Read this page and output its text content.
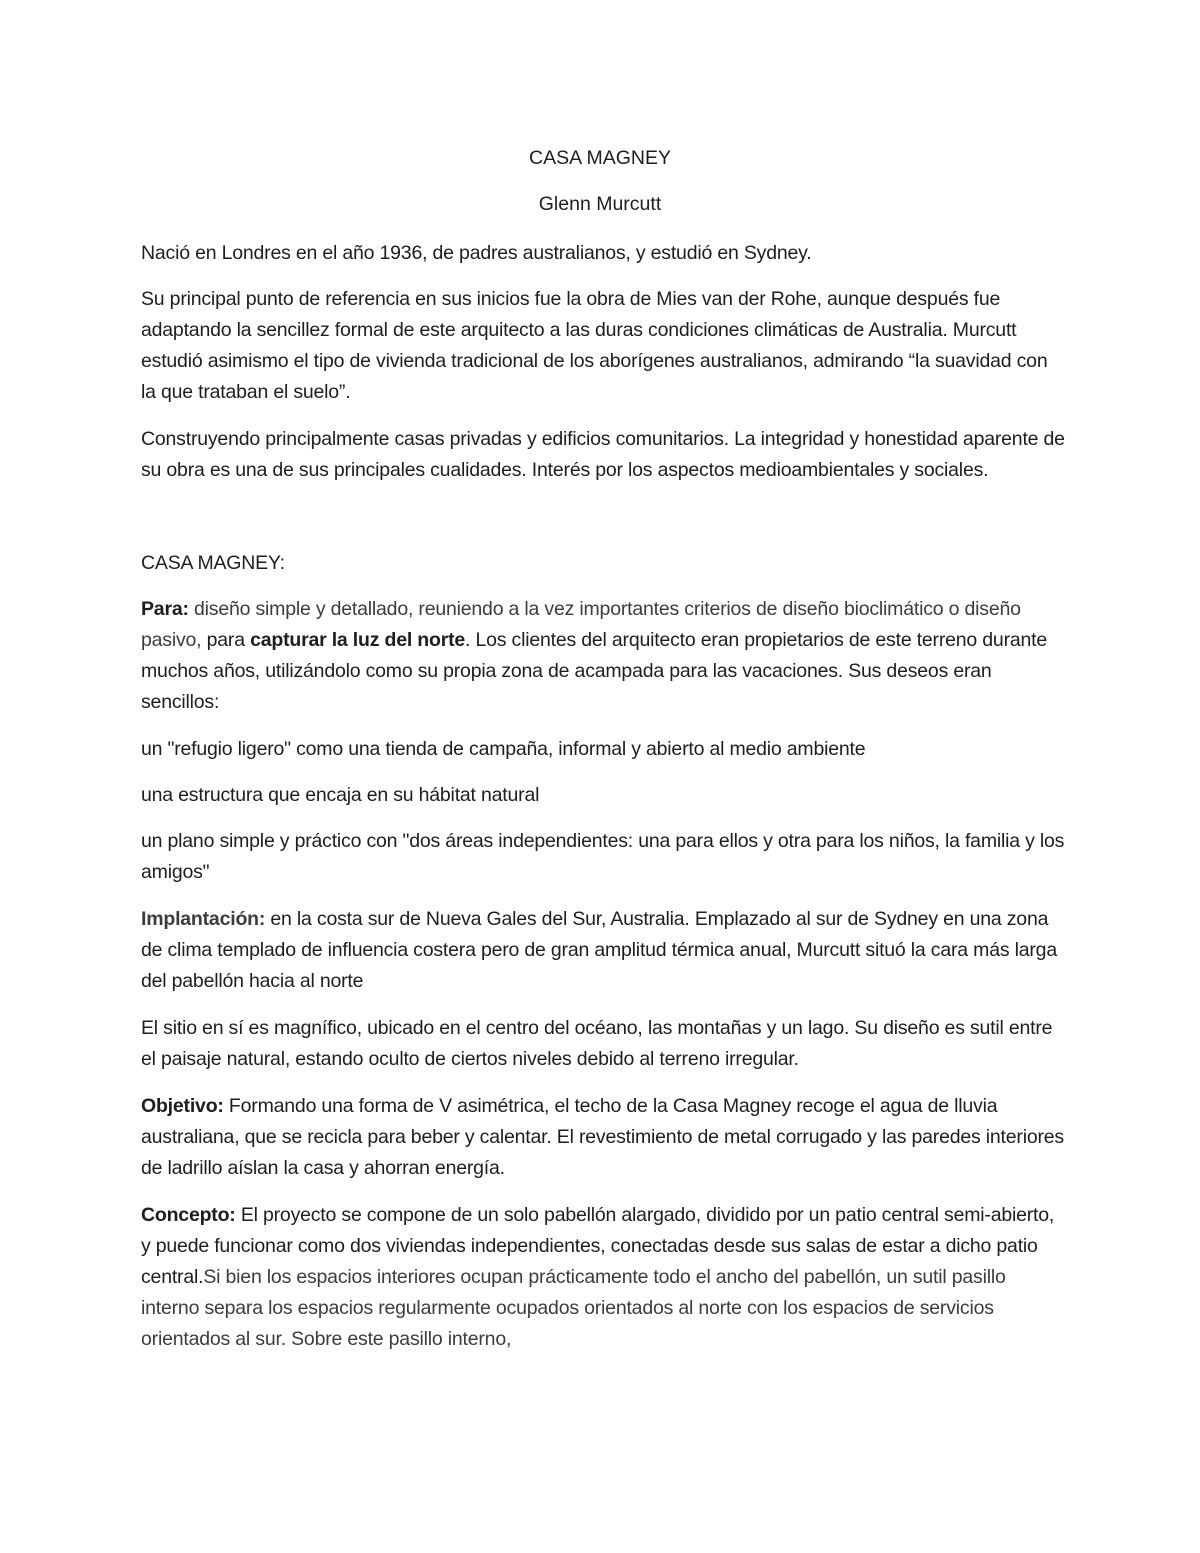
CASA MAGNEY

Glenn Murcutt

Nació en Londres en el año 1936, de padres australianos, y estudió en Sydney.

Su principal punto de referencia en sus inicios fue la obra de Mies van der Rohe, aunque después fue adaptando la sencillez formal de este arquitecto a las duras condiciones climáticas de Australia. Murcutt estudió asimismo el tipo de vivienda tradicional de los aborígenes australianos, admirando “la suavidad con la que trataban el suelo”.

Construyendo principalmente casas privadas y edificios comunitarios. La integridad y honestidad aparente de su obra es una de sus principales cualidades. Interés por los aspectos medioambientales y sociales.

CASA MAGNEY:

Para: diseño simple y detallado, reuniendo a la vez importantes criterios de diseño bioclimático o diseño pasivo, para capturar la luz del norte. Los clientes del arquitecto eran propietarios de este terreno durante muchos años, utilizándolo como su propia zona de acampada para las vacaciones. Sus deseos eran sencillos:

un "refugio ligero" como una tienda de campaña, informal y abierto al medio ambiente

una estructura que encaja en su hábitat natural

un plano simple y práctico con "dos áreas independientes: una para ellos y otra para los niños, la familia y los amigos"

Implantación: en la costa sur de Nueva Gales del Sur, Australia. Emplazado al sur de Sydney en una zona de clima templado de influencia costera pero de gran amplitud térmica anual, Murcutt situó la cara más larga del pabellón hacia al norte

El sitio en sí es magnífico, ubicado en el centro del océano, las montañas y un lago. Su diseño es sutil entre el paisaje natural, estando oculto de ciertos niveles debido al terreno irregular.

Objetivo: Formando una forma de V asimétrica, el techo de la Casa Magney recoge el agua de lluvia australiana, que se recicla para beber y calentar. El revestimiento de metal corrugado y las paredes interiores de ladrillo aíslan la casa y ahorran energía.

Concepto: El proyecto se compone de un solo pabellón alargado, dividido por un patio central semi-abierto, y puede funcionar como dos viviendas independientes, conectadas desde sus salas de estar a dicho patio central.Si bien los espacios interiores ocupan prácticamente todo el ancho del pabellón, un sutil pasillo interno separa los espacios regularmente ocupados orientados al norte con los espacios de servicios orientados al sur. Sobre este pasillo interno,
